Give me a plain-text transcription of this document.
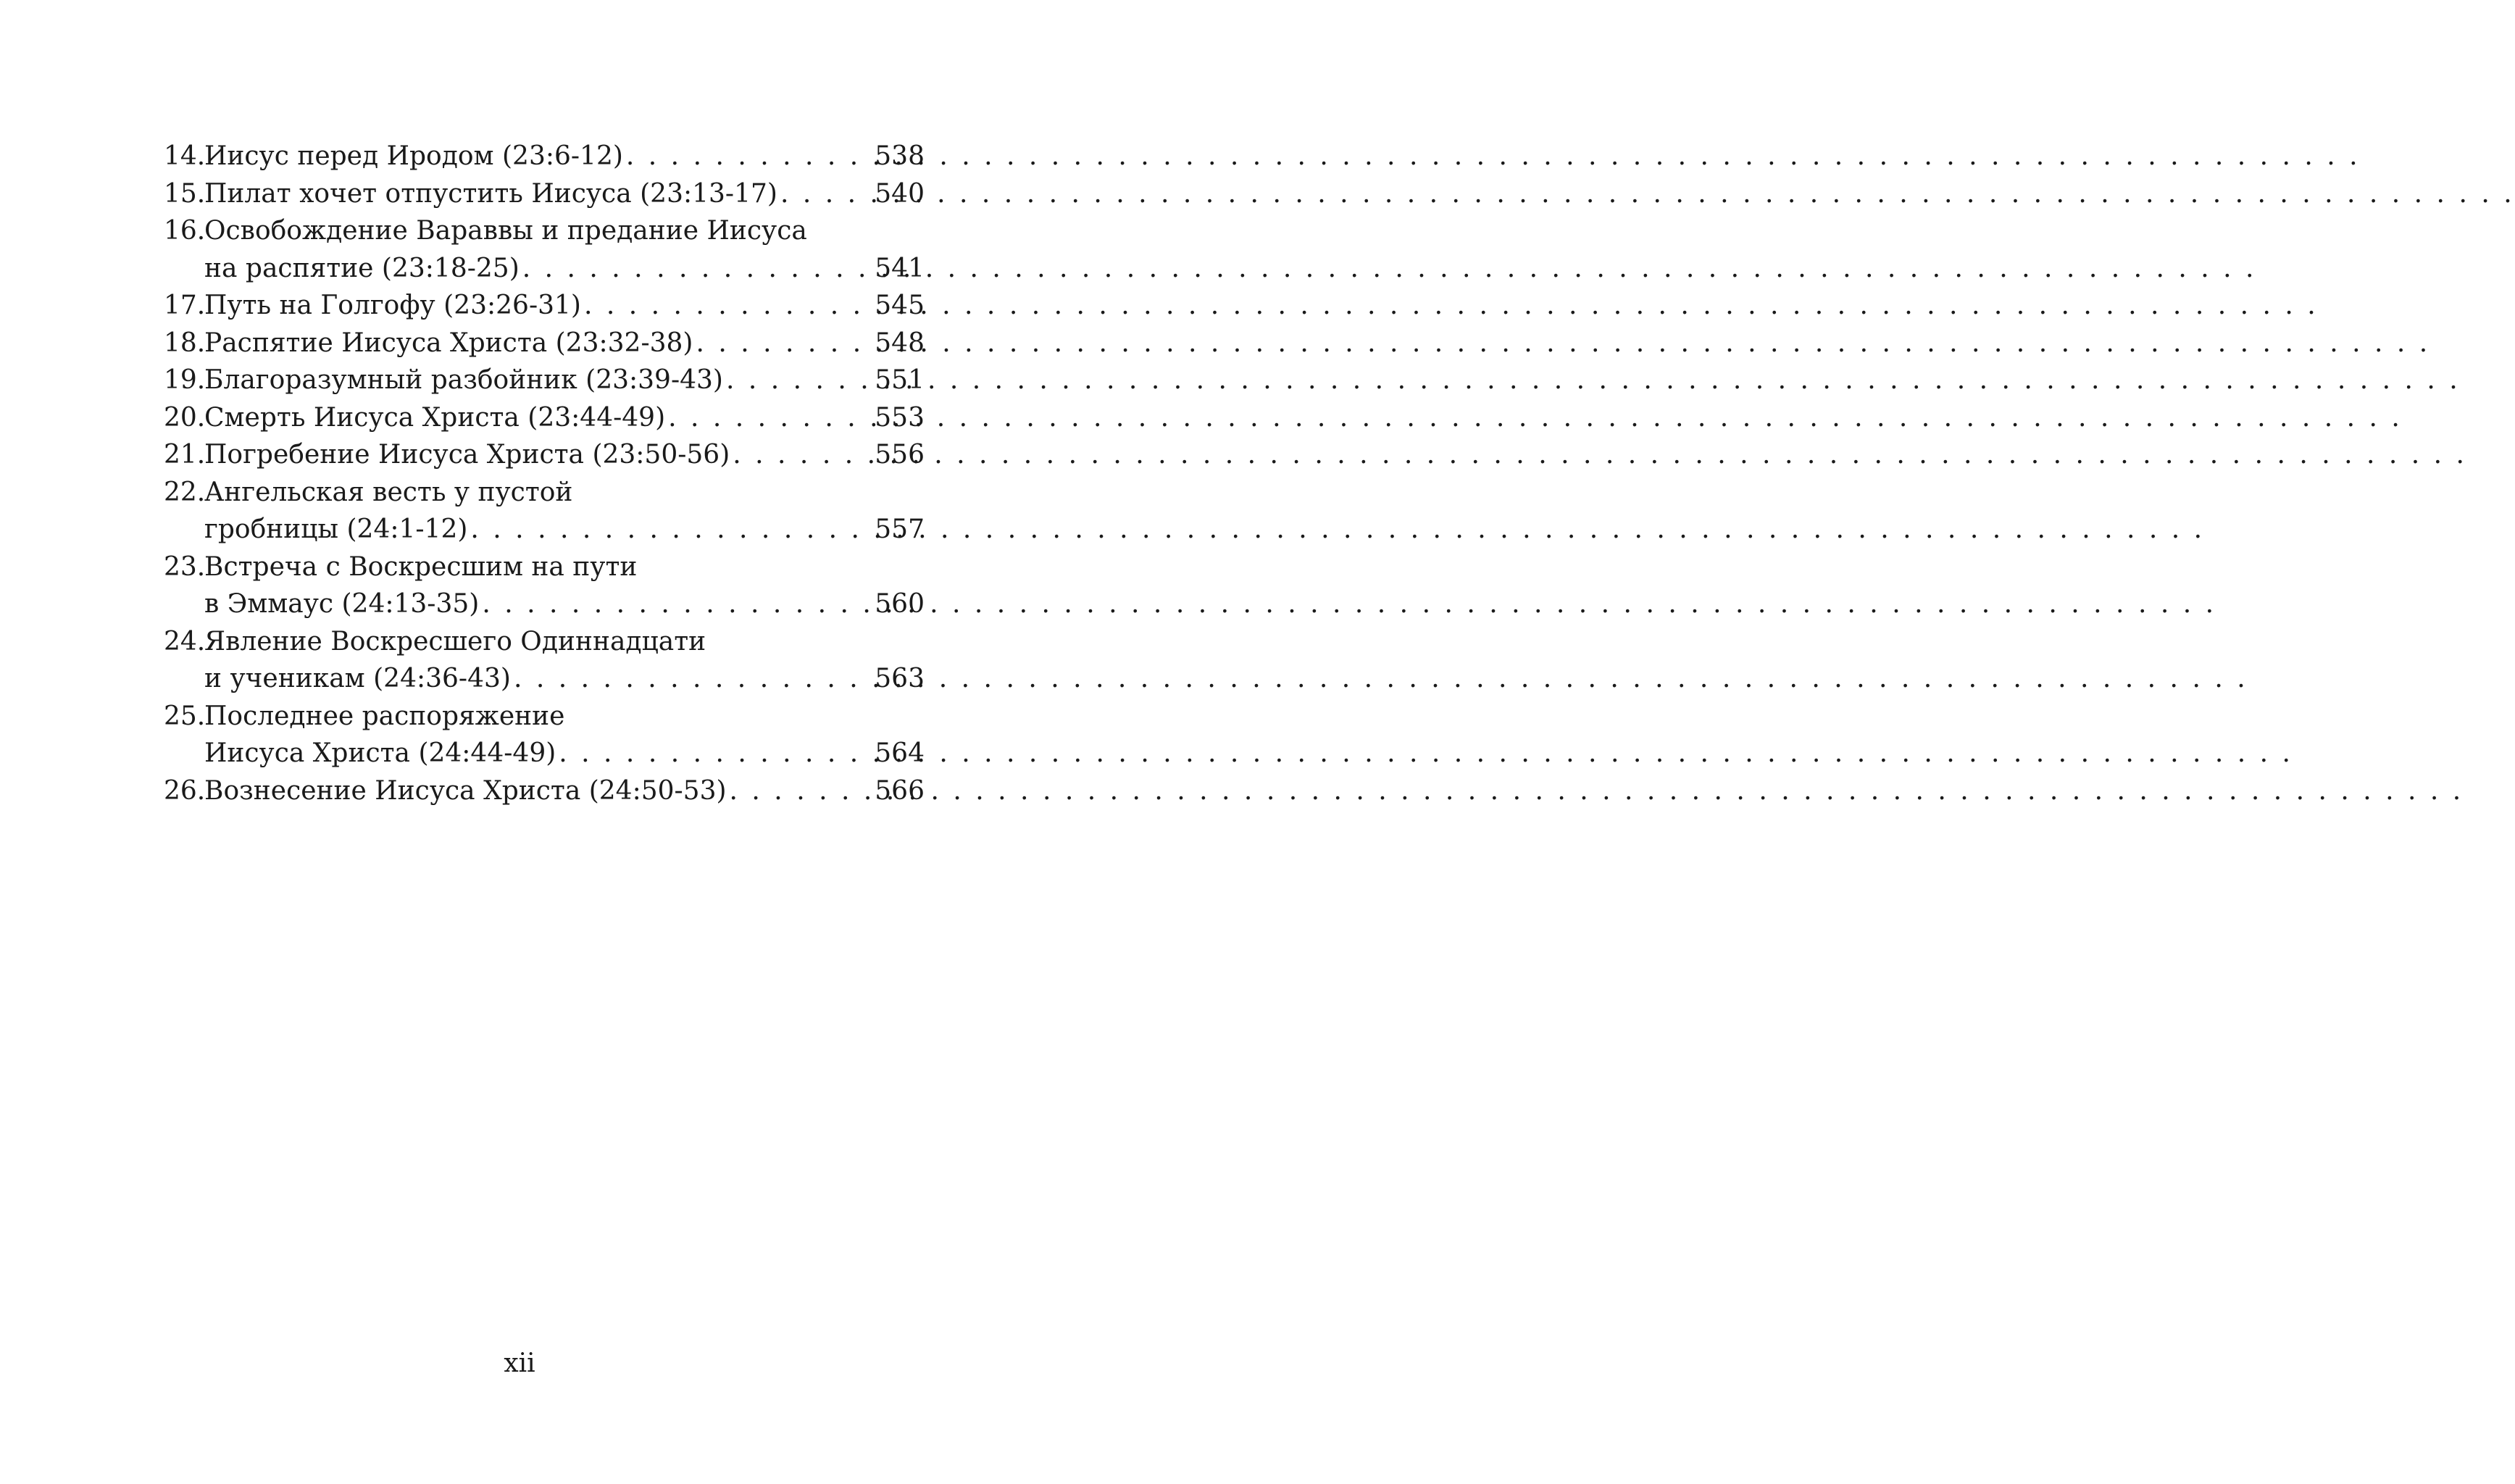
14.
Иисус перед Иродом (23:6-12) . . .	538
15.
Пилат хочет отпустить Иисуса (23:13-17) . . .	540
16.
Освобождение Вараввы и предание Иисуса
на распятие (23:18-25) . . .	541
17.
Путь на Голгофу (23:26-31) . . .	545
18.
Распятие Иисуса Христа (23:32-38) . . .	548
19.
Благоразумный разбойник (23:39-43) . . .	551
20.
Смерть Иисуса Христа (23:44-49) . . .	553
21.
Погребение Иисуса Христа (23:50-56) . . .	556
22.
Ангельская весть у пустой
гробницы (24:1-12) . . .	557
23.
Встреча с Воскресшим на пути
в Эммаус (24:13-35) . . .	560
24.
Явление Воскресшего Одиннадцати
и ученикам (24:36-43) . . .	563
25.
Последнее распоряжение
Иисуса Христа (24:44-49) . . .	564
26.
Вознесение Иисуса Христа (24:50-53) . . .	566
xii
